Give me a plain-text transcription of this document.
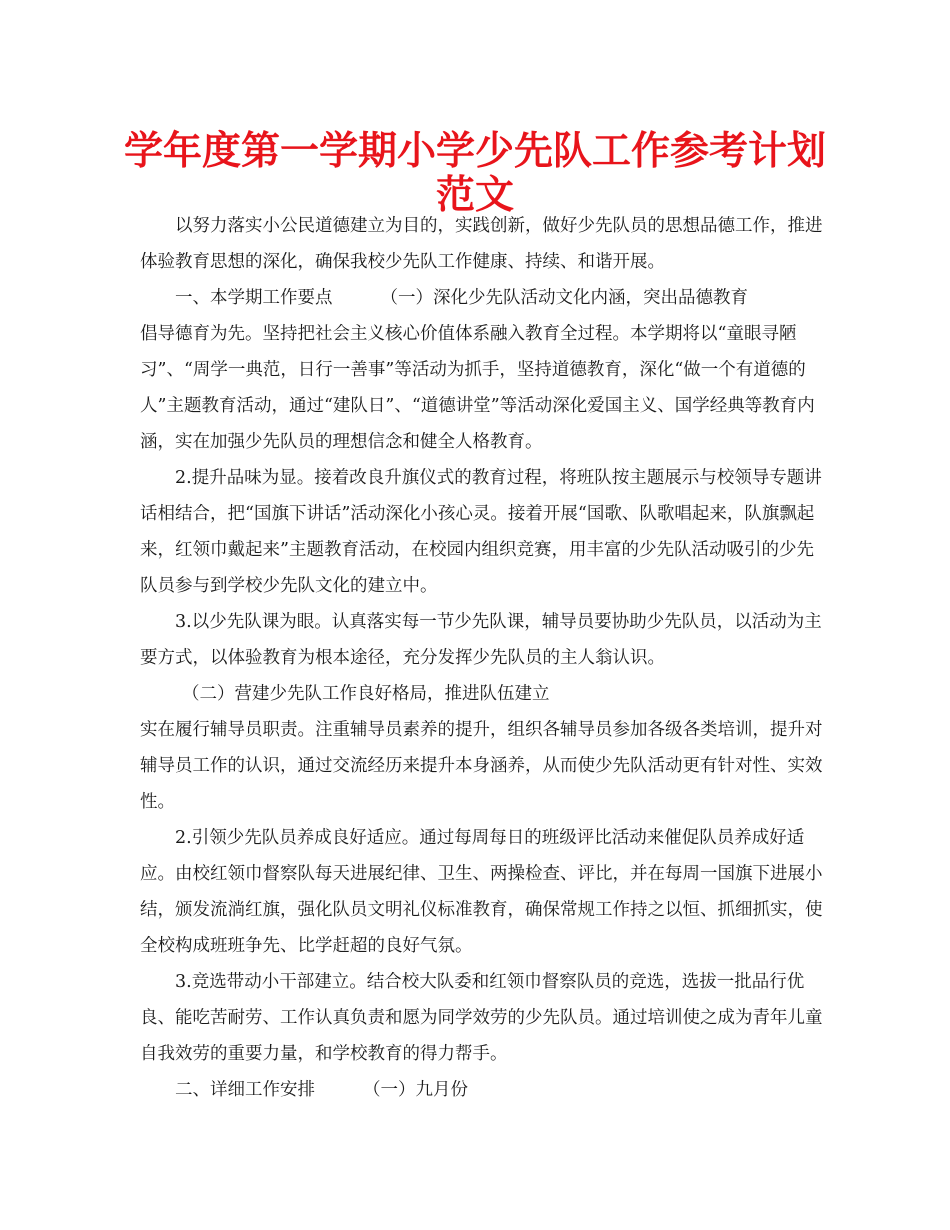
学年度第一学期小学少先队工作参考计划
范文

以努力落实小公民道德建立为目的，实践创新，做好少先队员的思想品德工作，推进体验教育思想的深化，确保我校少先队工作健康、持续、和谐开展。

一、本学期工作要点	（一）深化少先队活动文化内涵，突出品德教育

倡导德育为先。坚持把社会主义核心价值体系融入教育全过程。本学期将以“童眼寻陋习”、“周学一典范，日行一善事”等活动为抓手，坚持道德教育，深化“做一个有道德的人”主题教育活动，通过“建队日”、“道德讲堂”等活动深化爱国主义、国学经典等教育内涵，实在加强少先队员的理想信念和健全人格教育。

2.提升品味为显。接着改良升旗仪式的教育过程，将班队按主题展示与校领导专题讲话相结合，把“国旗下讲话”活动深化小孩心灵。接着开展“国歌、队歌唱起来，队旗飘起来，红领巾戴起来”主题教育活动，在校园内组织竞赛，用丰富的少先队活动吸引的少先队员参与到学校少先队文化的建立中。

3.以少先队课为眼。认真落实每一节少先队课，辅导员要协助少先队员，以活动为主要方式，以体验教育为根本途径，充分发挥少先队员的主人翁认识。

（二）营建少先队工作良好格局，推进队伍建立

实在履行辅导员职责。注重辅导员素养的提升，组织各辅导员参加各级各类培训，提升对辅导员工作的认识，通过交流经历来提升本身涵养，从而使少先队活动更有针对性、实效性。

2.引领少先队员养成良好适应。通过每周每日的班级评比活动来催促队员养成好适应。由校红领巾督察队每天进展纪律、卫生、两操检查、评比，并在每周一国旗下进展小结，颁发流淌红旗，强化队员文明礼仪标准教育，确保常规工作持之以恒、抓细抓实，使全校构成班班争先、比学赶超的良好气氛。

3.竞选带动小干部建立。结合校大队委和红领巾督察队员的竞选，选拔一批品行优良、能吃苦耐劳、工作认真负责和愿为同学效劳的少先队员。通过培训使之成为青年儿童自我效劳的重要力量，和学校教育的得力帮手。

二、详细工作安排	（一）九月份
